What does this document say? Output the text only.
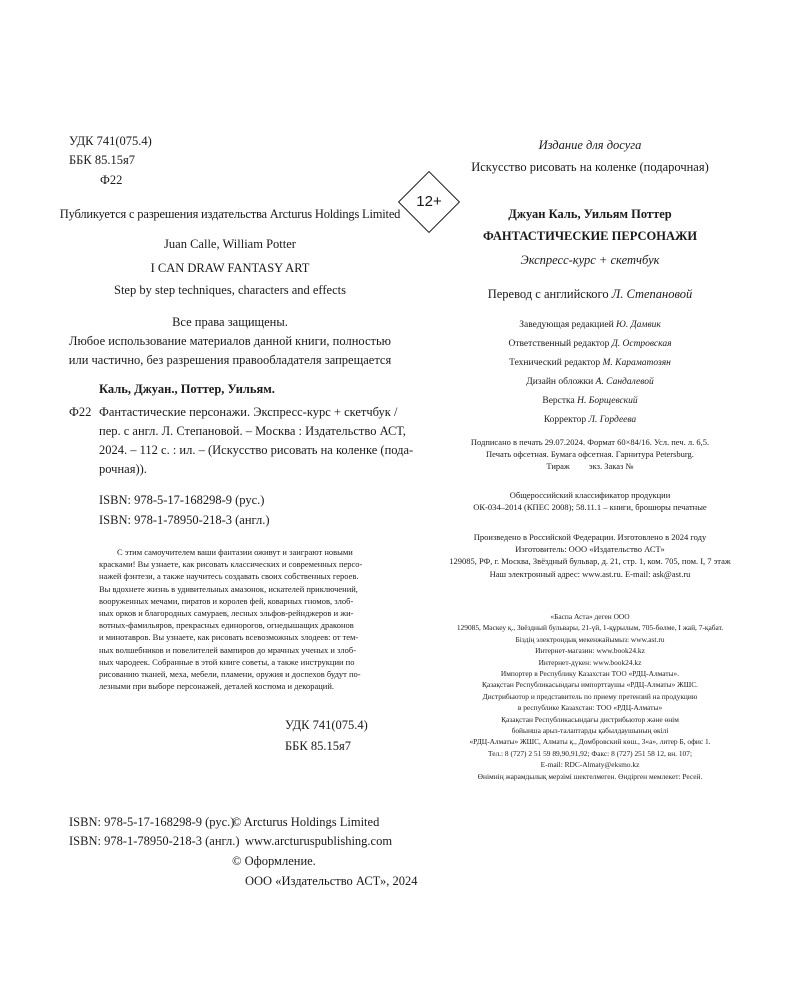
УДК 741(075.4)
ББК 85.15я7
Ф22
Публикуется с разрешения издательства Arcturus Holdings Limited
Juan Calle, William Potter
I CAN DRAW FANTASY ART
Step by step techniques, characters and effects
Все права защищены.
Любое использование материалов данной книги, полностью
или частично, без разрешения правообладателя запрещается
Каль, Джуан., Поттер, Уильям.
Ф22 Фантастические персонажи. Экспресс-курс + скетчбук /
пер. с англ. Л. Степановой. – Москва : Издательство АСТ,
2024. – 112 с. : ил. – (Искусство рисовать на коленке (пода-
рочная)).
ISBN: 978-5-17-168298-9 (рус.)
ISBN: 978-1-78950-218-3 (англ.)
С этим самоучителем ваши фантазии оживут и заиграют новыми
красками! Вы узнаете, как рисовать классических и современных персо-
нажей фэнтези, а также научитесь создавать своих собственных героев.
Вы вдохнете жизнь в удивительных амазонок, искателей приключений,
вооруженных мечами, пиратов и королев фей, коварных гномов, злоб-
ных орков и благородных самураев, лесных эльфов-рейнджеров и жи-
вотных-фамильяров, прекрасных единорогов, огнедышащих драконов
и минотавров. Вы узнаете, как рисовать всевозможных злодеев: от тем-
ных волшебников и повелителей вампиров до мрачных ученых и злоб-
ных чародеек. Собранные в этой книге советы, а также инструкции по
рисованию тканей, меха, мебели, пламени, оружия и доспехов будут по-
лезными при выборе персонажей, деталей костюма и декораций.
УДК 741(075.4)
ББК 85.15я7
ISBN: 978-5-17-168298-9 (рус.)
ISBN: 978-1-78950-218-3 (англ.)
© Arcturus Holdings Limited
www.arcturuspublishing.com
© Оформление.
ООО «Издательство АСТ», 2024
Издание для досуга
Искусство рисовать на коленке (подарочная)
12+
Джуан Каль, Уильям Поттер
ФАНТАСТИЧЕСКИЕ ПЕРСОНАЖИ
Экспресс-курс + скетчбук
Перевод с английского Л. Степановой
Заведующая редакцией Ю. Дамвик
Ответственный редактор Д. Островская
Технический редактор М. Караматозян
Дизайн обложки А. Сандалевой
Верстка Н. Борщевский
Корректор Л. Гордеева
Подписано в печать 29.07.2024. Формат 60×84/16. Усл. печ. л. 6,5.
Печать офсетная. Бумага офсетная. Гарнитура Petersburg.
Тираж         экз. Заказ №
Общероссийский классификатор продукции
ОК-034–2014 (КПЕС 2008); 58.11.1 – книги, брошюры печатные
Произведено в Российской Федерации. Изготовлено в 2024 году
Изготовитель: ООО «Издательство АСТ»
129085, РФ, г. Москва, Звёздный бульвар, д. 21, стр. 1, ком. 705, пом. I, 7 этаж
Наш электронный адрес: www.ast.ru. E-mail: ask@ast.ru
«Баспа Аста» деген ООО
129085, Мәскеу қ., Звёздный бульвары, 21-үй, 1-құрылым, 705-бөлме, I жай, 7-қабат.
Біздің электрондық мекенжайымыз: www.ast.ru
Интернет-магазин: www.book24.kz
Интернет-дүкен: www.book24.kz
Импортер в Республику Казахстан ТОО «РДЦ-Алматы».
Қазақстан Республикасындағы импорттаушы «РДЦ-Алматы» ЖШС.
Дистрибьютор и представитель по приему претензий на продукцию
в республике Казахстан: ТОО «РДЦ-Алматы»
Қазақстан Республикасындағы дистрибьютор және өнім
бойынша арыз-талаптарды қабылдаушының өкілі
«РДЦ-Алматы» ЖШС, Алматы қ., Домбровский көш., 3«а», литер Б, офис 1.
Тел.: 8 (727) 2 51 59 89,90,91,92; Факс: 8 (727) 251 58 12, вн. 107;
E-mail: RDC-Almaty@eksmo.kz
Өнімнің жарамдылық мерзімі шектелмеген. Өндірген мемлекет: Ресей.
